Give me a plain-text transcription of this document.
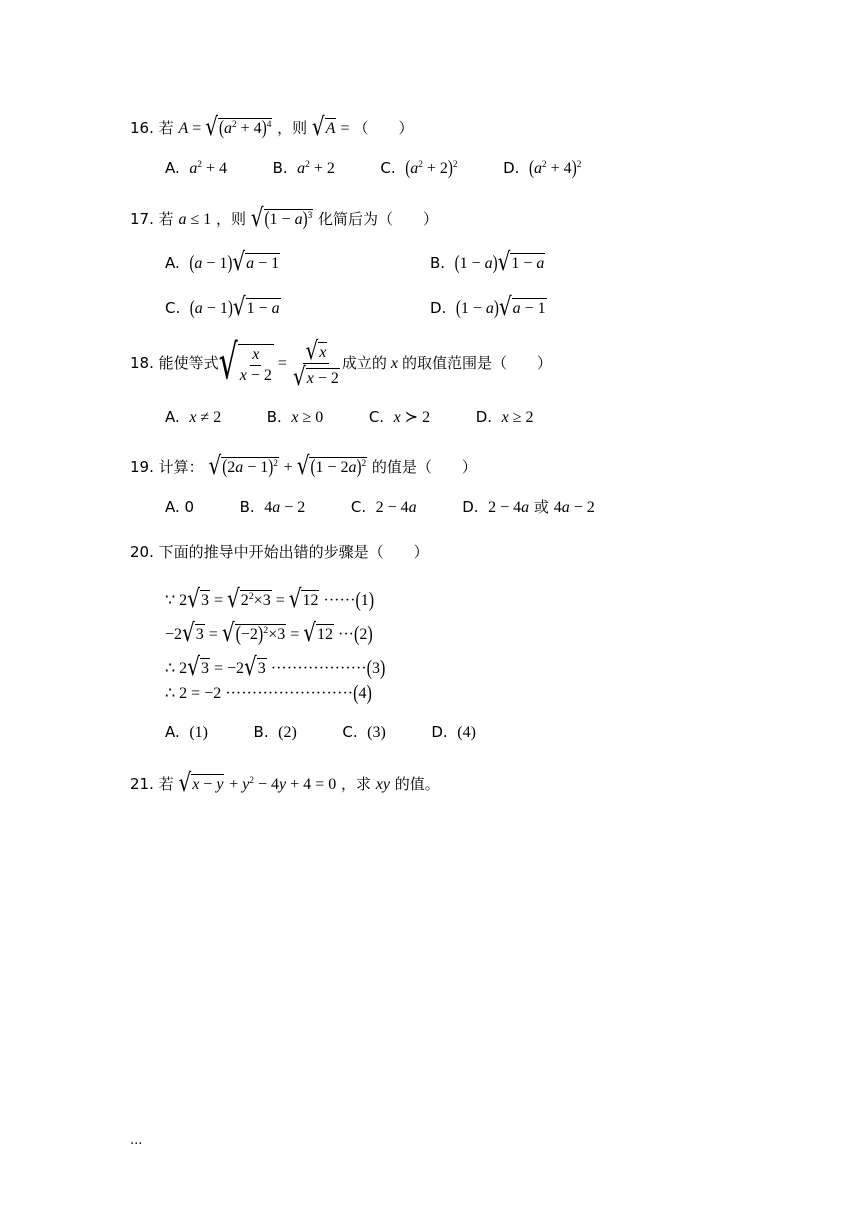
16. 若 $A = √(a^2 + 4)^4$ ，则 √A = （　　）
A. $a^2 + 4$	B. $a^2 + 2$	C. $(a^2 + 2)^2$	D. $(a^2 + 4)^2$
17. 若 a ≤ 1 ，则 $√(1 - a)^3$ 化简后为（　　）
A. (a − 1)√a − 1	B. (1 − a)√1 − a
C. (a − 1)√1 − a	D. (1 − a)√a − 1
18.
能使等式 √ $\frac{x}{x - 2} = \frac{√x}{√x - 2}$ 成立的 x 的取值范围是（　　）
A. x ≠ 2	B. x ≥ 0	C. x ≻ 2	D. x ≥ 2
19. 计算： $√(2a - 1)^2 + √(1 - 2a)^2$ 的值是（　　）
A. 0	B. 4a − 2	C. 2 − 4a	D. 2 − 4a 或 4a − 2
20. 下面的推导中开始出错的步骤是（　　）
∵ $2√3 = √2^2\times 3 = √12 \cdot\cdot\cdot\cdot\cdot\cdot(1)$
$-2√3 = √(-2)^2\times 3 = √12 \cdot\cdot\cdot(2)$
∴ 2√3 = −2√3 ··················(3)
∴ 2 = −2 ························(4)
A. (1)	B. (2)	C. (3)	D. (4)
21. 若 $√x - y + y^2 - 4y + 4 = 0$ ，求 xy 的值。
...
